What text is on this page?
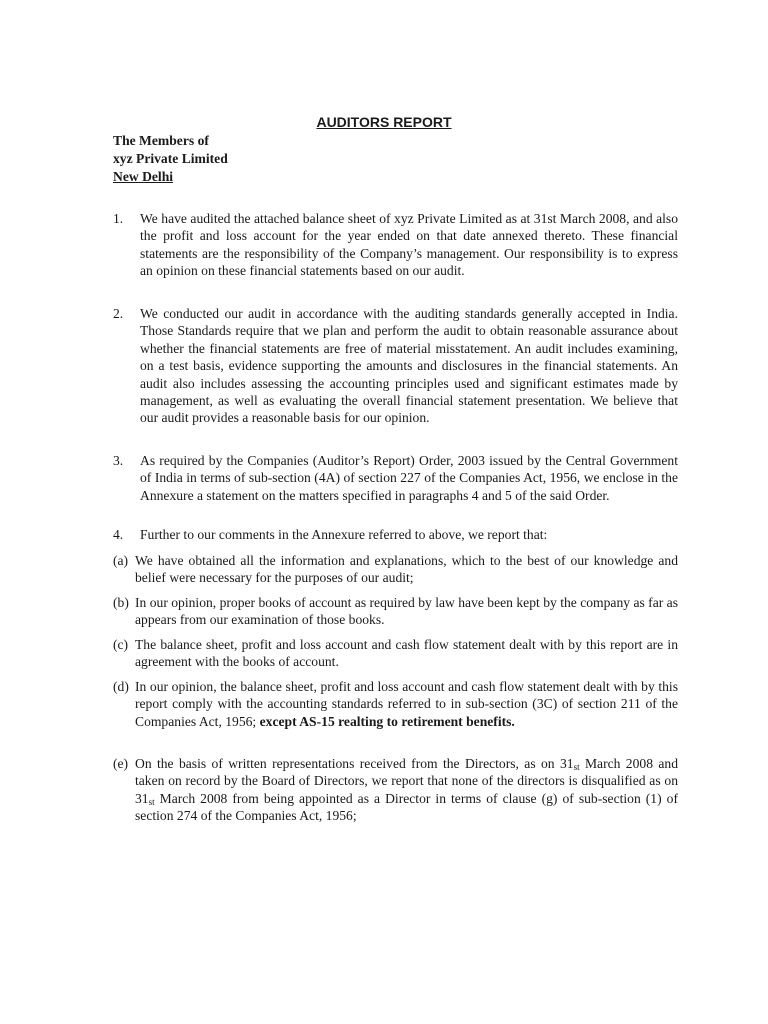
AUDITORS REPORT
The Members of
xyz Private Limited
New Delhi
1. We have audited the attached balance sheet of xyz Private Limited as at 31st March 2008, and also the profit and loss account for the year ended on that date annexed thereto. These financial statements are the responsibility of the Company’s management. Our responsibility is to express an opinion on these financial statements based on our audit.
2. We conducted our audit in accordance with the auditing standards generally accepted in India. Those Standards require that we plan and perform the audit to obtain reasonable assurance about whether the financial statements are free of material misstatement. An audit includes examining, on a test basis, evidence supporting the amounts and disclosures in the financial statements. An audit also includes assessing the accounting principles used and significant estimates made by management, as well as evaluating the overall financial statement presentation. We believe that our audit provides a reasonable basis for our opinion.
3. As required by the Companies (Auditor’s Report) Order, 2003 issued by the Central Government of India in terms of sub-section (4A) of section 227 of the Companies Act, 1956, we enclose in the Annexure a statement on the matters specified in paragraphs 4 and 5 of the said Order.
4. Further to our comments in the Annexure referred to above, we report that:
(a) We have obtained all the information and explanations, which to the best of our knowledge and belief were necessary for the purposes of our audit;
(b) In our opinion, proper books of account as required by law have been kept by the company as far as appears from our examination of those books.
(c) The balance sheet, profit and loss account and cash flow statement dealt with by this report are in agreement with the books of account.
(d) In our opinion, the balance sheet, profit and loss account and cash flow statement dealt with by this report comply with the accounting standards referred to in sub-section (3C) of section 211 of the Companies Act, 1956; except AS-15 realting to retirement benefits.
(e) On the basis of written representations received from the Directors, as on $31_{st}$ March 2008 and taken on record by the Board of Directors, we report that none of the directors is disqualified as on $31_{st}$ March 2008 from being appointed as a Director in terms of clause (g) of sub-section (1) of section 274 of the Companies Act, 1956;
